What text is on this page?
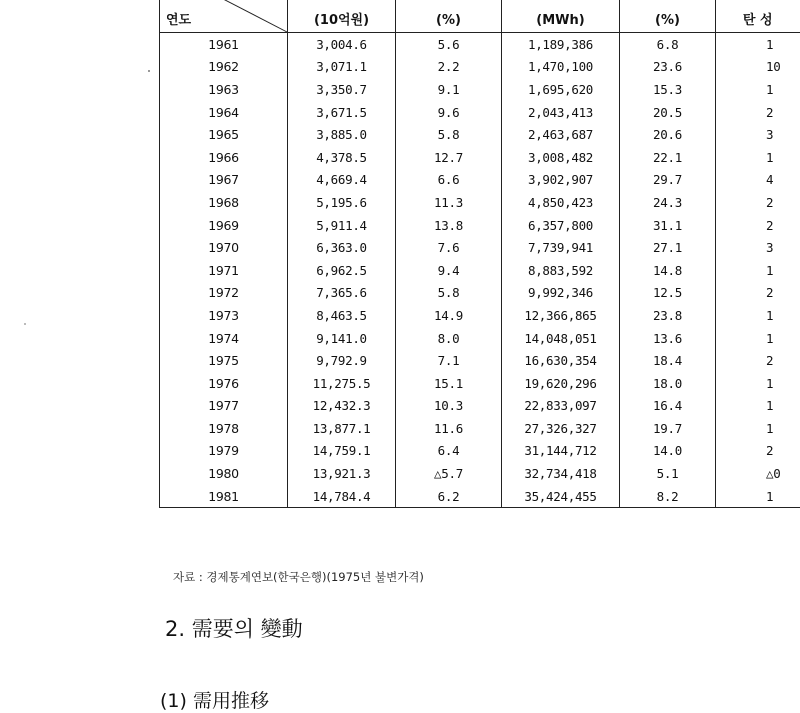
연도	(10억원)	(%)	(MWh)	(%)	탄 성
1961	3,004.6	5.6	1,189,386	6.8	1
1962	3,071.1	2.2	1,470,100	23.6	10
1963	3,350.7	9.1	1,695,620	15.3	1
1964	3,671.5	9.6	2,043,413	20.5	2
1965	3,885.0	5.8	2,463,687	20.6	3
1966	4,378.5	12.7	3,008,482	22.1	1
1967	4,669.4	6.6	3,902,907	29.7	4
1968	5,195.6	11.3	4,850,423	24.3	2
1969	5,911.4	13.8	6,357,800	31.1	2
1970	6,363.0	7.6	7,739,941	27.1	3
1971	6,962.5	9.4	8,883,592	14.8	1
1972	7,365.6	5.8	9,992,346	12.5	2
1973	8,463.5	14.9	12,366,865	23.8	1
1974	9,141.0	8.0	14,048,051	13.6	1
1975	9,792.9	7.1	16,630,354	18.4	2
1976	11,275.5	15.1	19,620,296	18.0	1
1977	12,432.3	10.3	22,833,097	16.4	1
1978	13,877.1	11.6	27,326,327	19.7	1
1979	14,759.1	6.4	31,144,712	14.0	2
1980	13,921.3	△5.7	32,734,418	5.1	△0
1981	14,784.4	6.2	35,424,455	8.2	1
자료 : 경제통계연보(한국은행)(1975년 불변가격)
2. 需要의 變動
(1) 需用推移
